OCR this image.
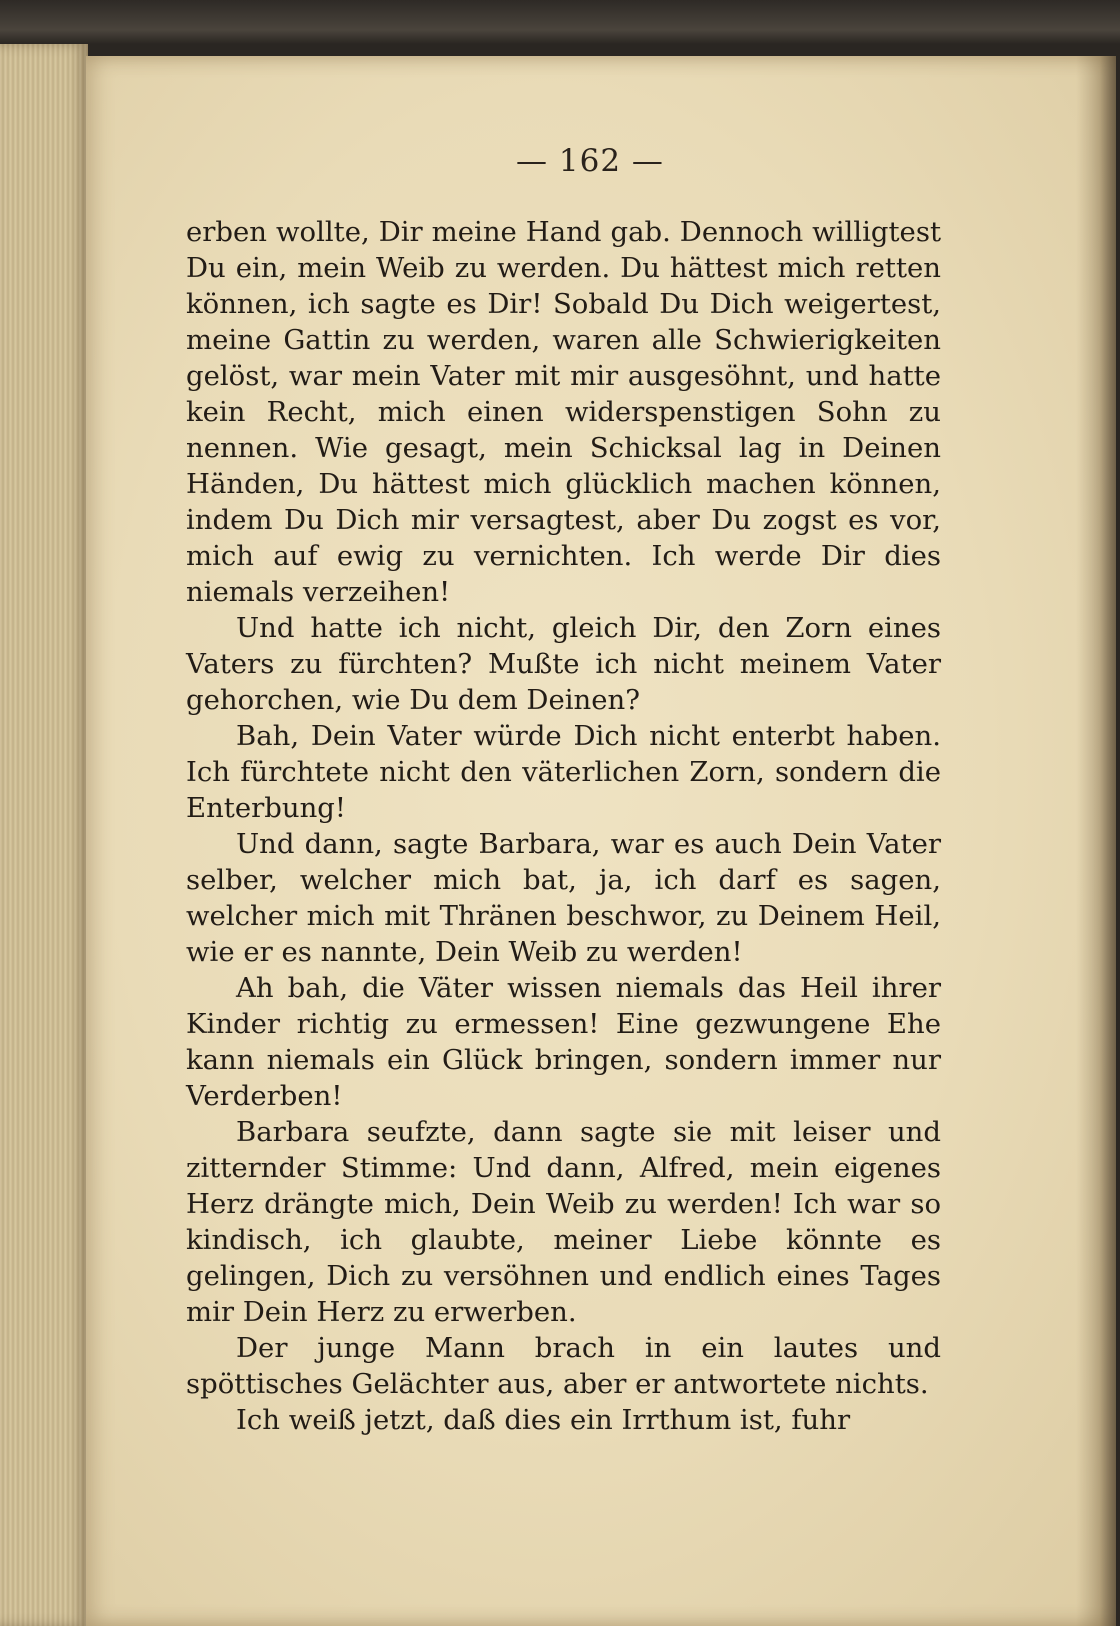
— 162 —

erben wollte, Dir meine Hand gab. Dennoch willigtest Du ein, mein Weib zu werden. Du hättest mich retten können, ich sagte es Dir! Sobald Du Dich weigertest, meine Gattin zu werden, waren alle Schwierigkeiten gelöst, war mein Vater mit mir ausgesöhnt, und hatte kein Recht, mich einen widerspenstigen Sohn zu nennen. Wie gesagt, mein Schicksal lag in Deinen Händen, Du hättest mich glücklich machen können, indem Du Dich mir versagtest, aber Du zogst es vor, mich auf ewig zu vernichten. Ich werde Dir dies niemals verzeihen!

Und hatte ich nicht, gleich Dir, den Zorn eines Vaters zu fürchten? Mußte ich nicht meinem Vater gehorchen, wie Du dem Deinen?

Bah, Dein Vater würde Dich nicht enterbt haben. Ich fürchtete nicht den väterlichen Zorn, sondern die Enterbung!

Und dann, sagte Barbara, war es auch Dein Vater selber, welcher mich bat, ja, ich darf es sagen, welcher mich mit Thränen beschwor, zu Deinem Heil, wie er es nannte, Dein Weib zu werden!

Ah bah, die Väter wissen niemals das Heil ihrer Kinder richtig zu ermessen! Eine gezwungene Ehe kann niemals ein Glück bringen, sondern immer nur Verderben!

Barbara seufzte, dann sagte sie mit leiser und zitternder Stimme: Und dann, Alfred, mein eigenes Herz drängte mich, Dein Weib zu werden! Ich war so kindisch, ich glaubte, meiner Liebe könnte es gelingen, Dich zu versöhnen und endlich eines Tages mir Dein Herz zu erwerben.

Der junge Mann brach in ein lautes und spöttisches Gelächter aus, aber er antwortete nichts.

Ich weiß jetzt, daß dies ein Irrthum ist, fuhr
